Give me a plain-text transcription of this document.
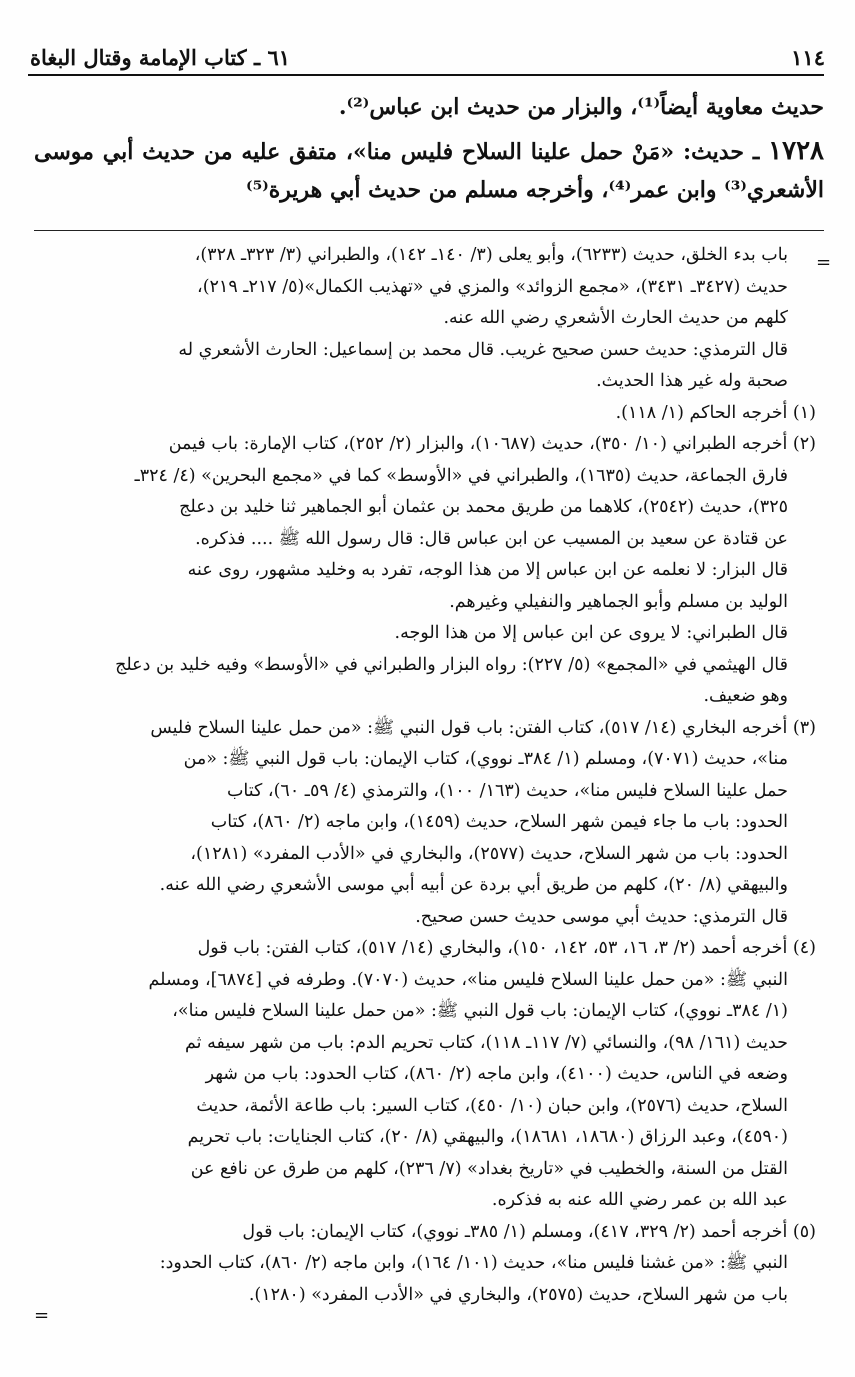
١١٤
٦١ ـ كتاب الإمامة وقتال البغاة

حديث معاوية أيضاً⁽¹⁾، والبزار من حديث ابن عباس⁽²⁾.

١٧٢٨ ـ حديث: «مَنْ حمل علينا السلاح فليس منا»، متفق عليه من حديث أبي موسى الأشعري⁽³⁾ وابن عمر⁽⁴⁾، وأخرجه مسلم من حديث أبي هريرة⁽⁵⁾

=
باب بدء الخلق، حديث (٦٢٣٣)، وأبو يعلى (٣/ ١٤٠ـ ١٤٢)، والطبراني (٣/ ٣٢٣ـ ٣٢٨)،
حديث (٣٤٢٧ـ ٣٤٣١)، «مجمع الزوائد» والمزي في «تهذيب الكمال»(٥/ ٢١٧ـ ٢١٩)،
كلهم من حديث الحارث الأشعري رضي الله عنه.
قال الترمذي: حديث حسن صحيح غريب. قال محمد بن إسماعيل: الحارث الأشعري له
صحبة وله غير هذا الحديث.
(١) أخرجه الحاكم (١/ ١١٨).
(٢) أخرجه الطبراني (١٠/ ٣٥٠)، حديث (١٠٦٨٧)، والبزار (٢/ ٢٥٢)، كتاب الإمارة: باب فيمن
فارق الجماعة، حديث (١٦٣٥)، والطبراني في «الأوسط» كما في «مجمع البحرين» (٤/ ٣٢٤ـ
٣٢٥)، حديث (٢٥٤٢)، كلاهما من طريق محمد بن عثمان أبو الجماهير ثنا خليد بن دعلج
عن قتادة عن سعيد بن المسيب عن ابن عباس قال: قال رسول الله ﷺ .... فذكره.
قال البزار: لا نعلمه عن ابن عباس إلا من هذا الوجه، تفرد به وخليد مشهور، روى عنه
الوليد بن مسلم وأبو الجماهير والنفيلي وغيرهم.
قال الطبراني: لا يروى عن ابن عباس إلا من هذا الوجه.
قال الهيثمي في «المجمع» (٥/ ٢٢٧): رواه البزار والطبراني في «الأوسط» وفيه خليد بن دعلج
وهو ضعيف.
(٣) أخرجه البخاري (١٤/ ٥١٧)، كتاب الفتن: باب قول النبي ﷺ: «من حمل علينا السلاح فليس
منا»، حديث (٧٠٧١)، ومسلم (١/ ٣٨٤ـ نووي)، كتاب الإيمان: باب قول النبي ﷺ: «من
حمل علينا السلاح فليس منا»، حديث (١٦٣/ ١٠٠)، والترمذي (٤/ ٥٩ـ ٦٠)، كتاب
الحدود: باب ما جاء فيمن شهر السلاح، حديث (١٤٥٩)، وابن ماجه (٢/ ٨٦٠)، كتاب
الحدود: باب من شهر السلاح، حديث (٢٥٧٧)، والبخاري في «الأدب المفرد» (١٢٨١)،
والبيهقي (٨/ ٢٠)، كلهم من طريق أبي بردة عن أبيه أبي موسى الأشعري رضي الله عنه.
قال الترمذي: حديث أبي موسى حديث حسن صحيح.
(٤) أخرجه أحمد (٢/ ٣، ١٦، ٥٣، ١٤٢، ١٥٠)، والبخاري (١٤/ ٥١٧)، كتاب الفتن: باب قول
النبي ﷺ: «من حمل علينا السلاح فليس منا»، حديث (٧٠٧٠). وطرفه في [٦٨٧٤]، ومسلم
(١/ ٣٨٤ـ نووي)، كتاب الإيمان: باب قول النبي ﷺ: «من حمل علينا السلاح فليس منا»،
حديث (١٦١/ ٩٨)، والنسائي (٧/ ١١٧ـ ١١٨)، كتاب تحريم الدم: باب من شهر سيفه ثم
وضعه في الناس، حديث (٤١٠٠)، وابن ماجه (٢/ ٨٦٠)، كتاب الحدود: باب من شهر
السلاح، حديث (٢٥٧٦)، وابن حبان (١٠/ ٤٥٠)، كتاب السير: باب طاعة الأئمة، حديث
(٤٥٩٠)، وعبد الرزاق (١٨٦٨٠، ١٨٦٨١)، والبيهقي (٨/ ٢٠)، كتاب الجنايات: باب تحريم
القتل من السنة، والخطيب في «تاريخ بغداد» (٧/ ٢٣٦)، كلهم من طرق عن نافع عن
عبد الله بن عمر رضي الله عنه به فذكره.
(٥) أخرجه أحمد (٢/ ٣٢٩، ٤١٧)، ومسلم (١/ ٣٨٥ـ نووي)، كتاب الإيمان: باب قول
النبي ﷺ: «من غشنا فليس منا»، حديث (١٠١/ ١٦٤)، وابن ماجه (٢/ ٨٦٠)، كتاب الحدود:
باب من شهر السلاح، حديث (٢٥٧٥)، والبخاري في «الأدب المفرد» (١٢٨٠).
=
